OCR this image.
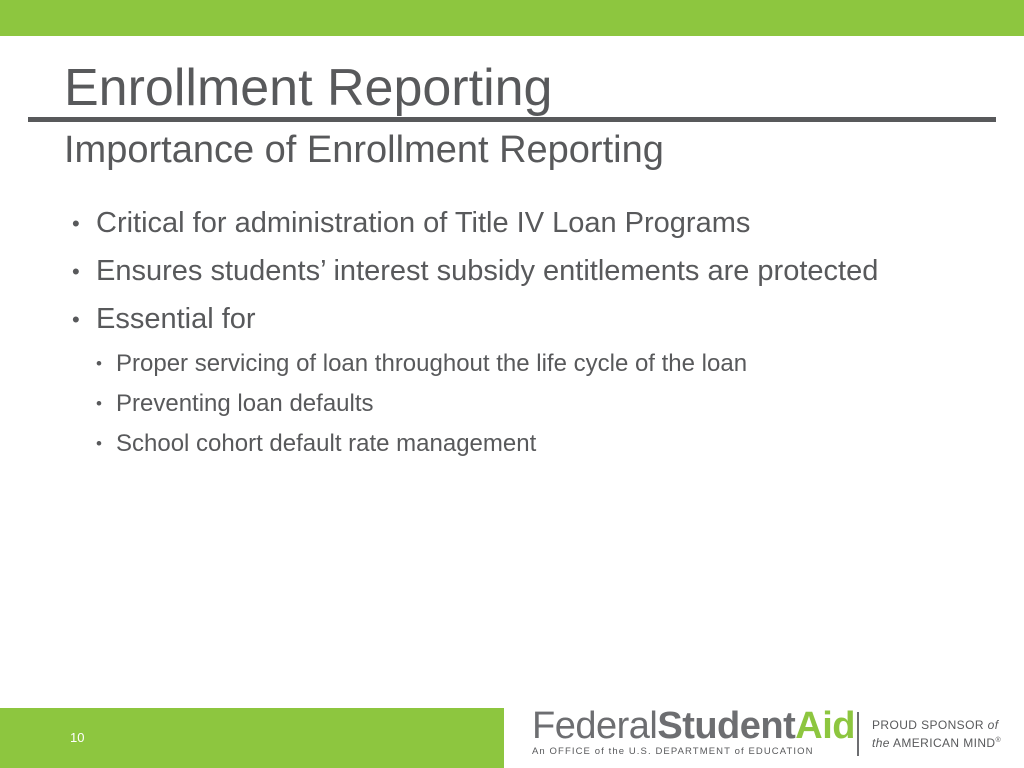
Enrollment Reporting
Importance of Enrollment Reporting
• Critical for administration of Title IV Loan Programs
• Ensures students’ interest subsidy entitlements are protected
• Essential for
• Proper servicing of loan throughout the life cycle of the loan
• Preventing loan defaults
• School cohort default rate management
10	FederalStudentAid
An OFFICE of the U.S. DEPARTMENT of EDUCATION
PROUD SPONSOR of
the AMERICAN MIND®
